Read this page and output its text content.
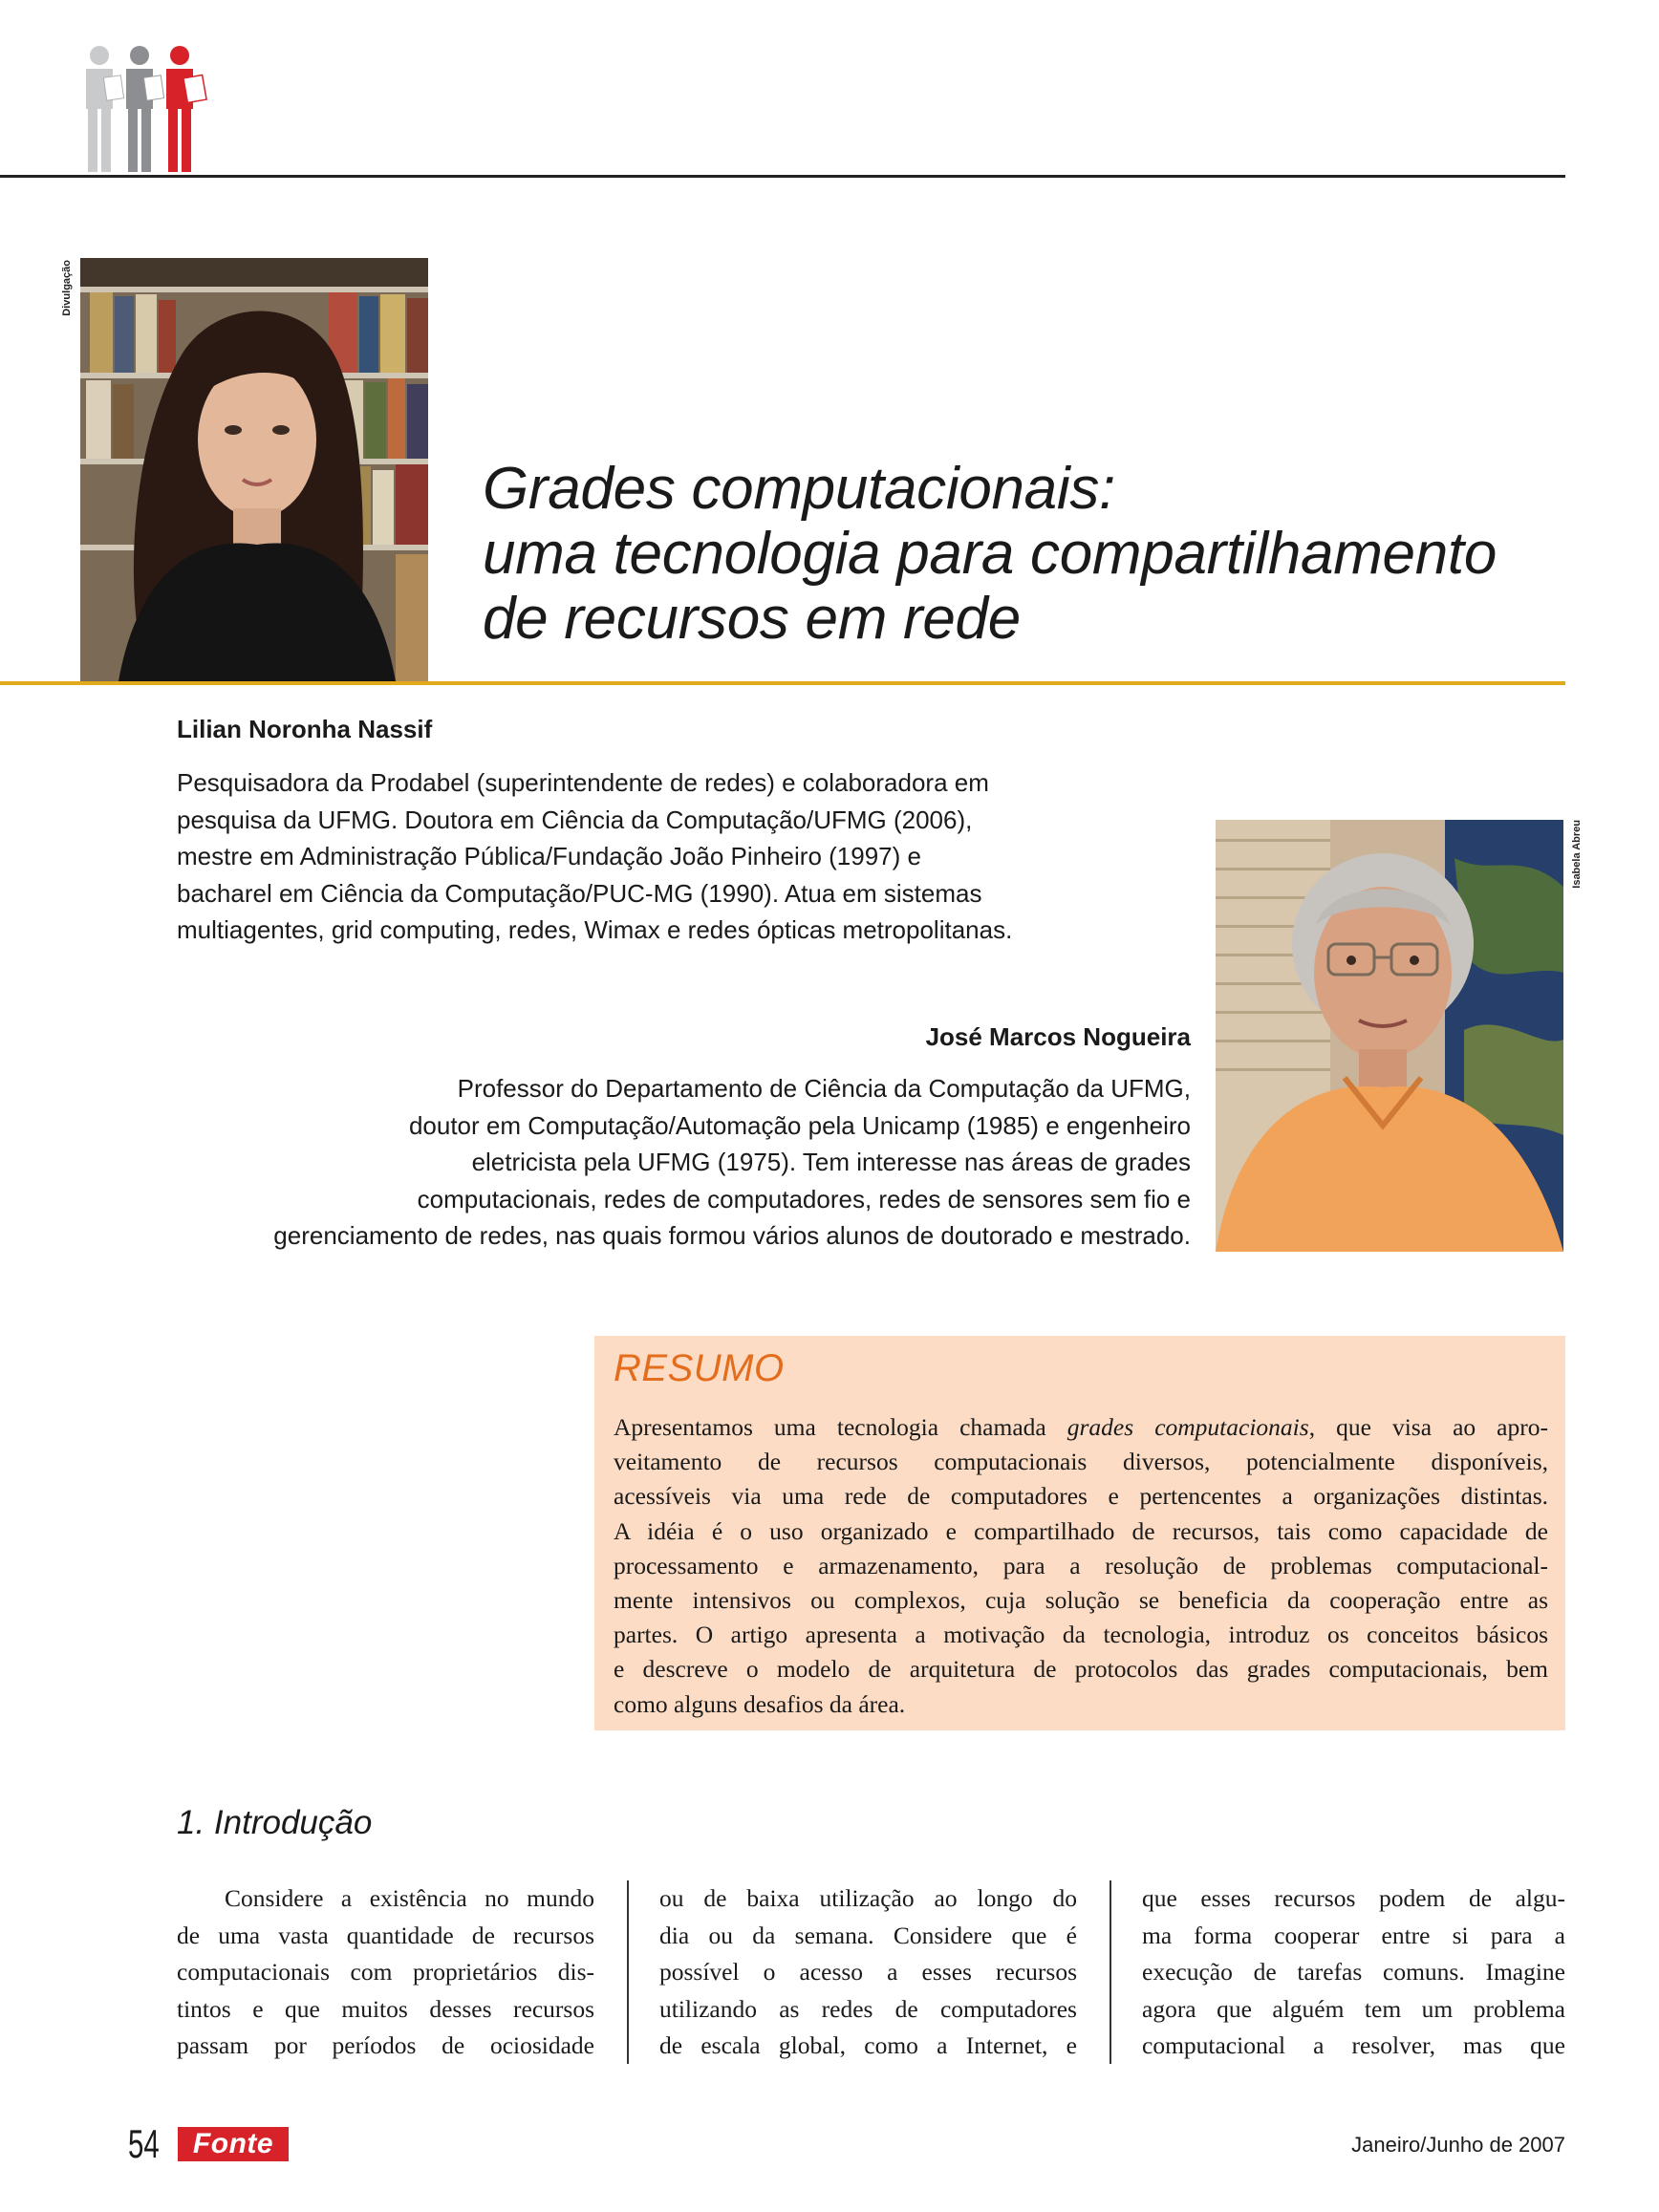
Divulgação
Grades computacionais:
uma tecnologia para compartilhamento
de recursos em rede
Lilian Noronha Nassif
Pesquisadora da Prodabel (superintendente de redes) e colaboradora em
pesquisa da UFMG. Doutora em Ciência da Computação/UFMG (2006),
mestre em Administração Pública/Fundação João Pinheiro (1997) e
bacharel em Ciência da Computação/PUC-MG (1990). Atua em sistemas
multiagentes, grid computing, redes, Wimax e redes ópticas metropolitanas.
Isabela Abreu
José Marcos Nogueira
Professor do Departamento de Ciência da Computação da UFMG,
doutor em Computação/Automação pela Unicamp (1985) e engenheiro
eletricista pela UFMG (1975). Tem interesse nas áreas de grades
computacionais, redes de computadores, redes de sensores sem fio e
gerenciamento de redes, nas quais formou vários alunos de doutorado e mestrado.
RESUMO
Apresentamos uma tecnologia chamada grades computacionais, que visa ao apro-
veitamento de recursos computacionais diversos, potencialmente disponíveis,
acessíveis via uma rede de computadores e pertencentes a organizações distintas.
A idéia é o uso organizado e compartilhado de recursos, tais como capacidade de
processamento e armazenamento, para a resolução de problemas computacional-
mente intensivos ou complexos, cuja solução se beneficia da cooperação entre as
partes. O artigo apresenta a motivação da tecnologia, introduz os conceitos básicos
e descreve o modelo de arquitetura de protocolos das grades computacionais, bem
como alguns desafios da área.
1. Introdução
Considere a existência no mundo
de uma vasta quantidade de recursos
computacionais com proprietários dis-
tintos e que muitos desses recursos
passam por períodos de ociosidade
ou de baixa utilização ao longo do
dia ou da semana. Considere que é
possível o acesso a esses recursos
utilizando as redes de computadores
de escala global, como a Internet, e
que esses recursos podem de algu-
ma forma cooperar entre si para a
execução de tarefas comuns. Imagine
agora que alguém tem um problema
computacional a resolver, mas que
54	Fonte	Janeiro/Junho de 2007
